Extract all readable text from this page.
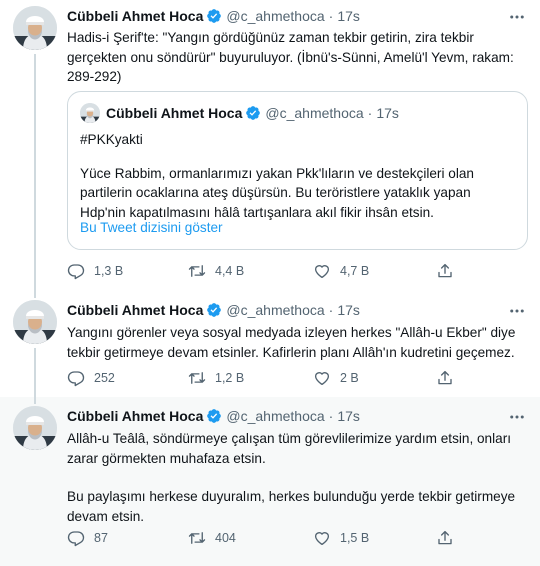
Cübbeli Ahmet Hoca @c_ahmethoca · 17s

Hadis-i Şerif'te: "Yangın gördüğünüz zaman tekbir getirin, zira tekbir gerçekten onu söndürür" buyuruluyor. (İbnü's-Sünni, Amelü'l Yevm, rakam: 289-292)

Cübbeli Ahmet Hoca @c_ahmethoca · 17s

#PKKyakti

Yüce Rabbim, ormanlarımızı yakan Pkk'lıların ve destekçileri olan partilerin ocaklarına ateş düşürsün. Bu teröristlere yataklık yapan Hdp'nin kapatılmasını hâlâ tartışanlara akıl fikir ihsân etsin.

Bu Tweet dizisini göster
1,3 B	4,4 B	4,7 B
Cübbeli Ahmet Hoca @c_ahmethoca · 17s

Yangını görenler veya sosyal medyada izleyen herkes "Allâh-u Ekber" diye tekbir getirmeye devam etsinler. Kafirlerin planı Allâh'ın kudretini geçemez.

252	1,2 B	2 B
Cübbeli Ahmet Hoca @c_ahmethoca · 17s

Allâh-u Teâlâ, söndürmeye çalışan tüm görevlilerimize yardım etsin, onları zarar görmekten muhafaza etsin.

Bu paylaşımı herkese duyuralım, herkes bulunduğu yerde tekbir getirmeye devam etsin.

87	404	1,5 B
